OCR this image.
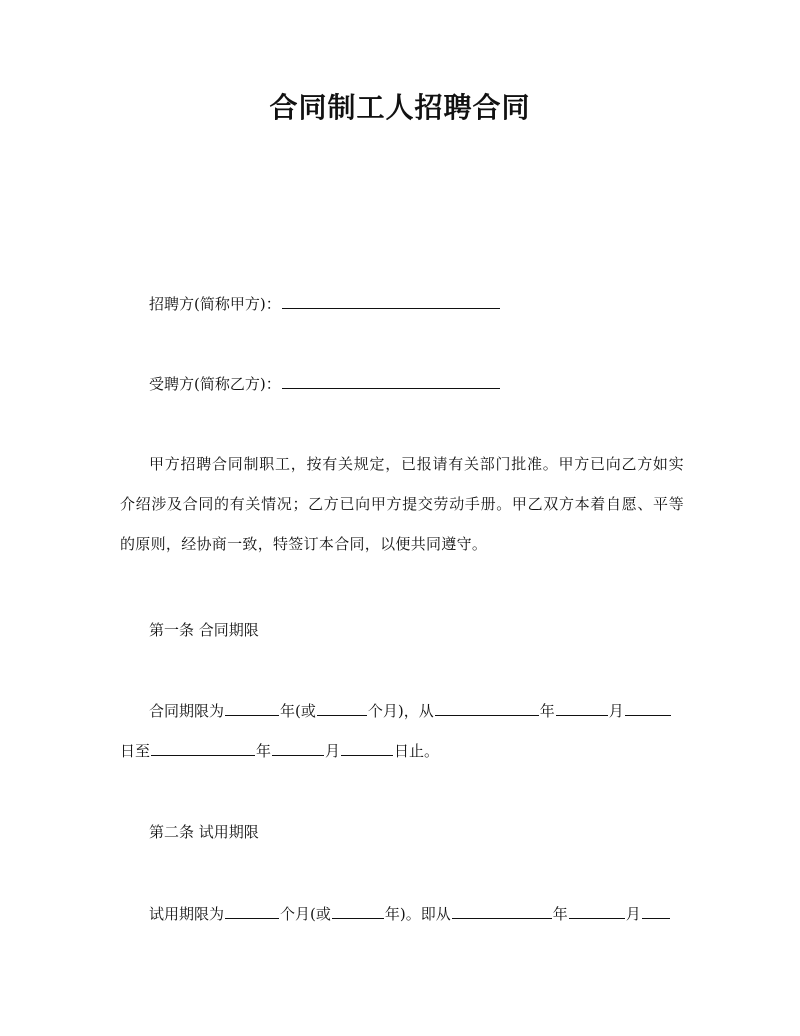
合同制工人招聘合同
招聘方(简称甲方)：
受聘方(简称乙方)：
甲方招聘合同制职工，按有关规定，已报请有关部门批准。甲方已向乙方如实介绍涉及合同的有关情况；乙方已向甲方提交劳动手册。甲乙双方本着自愿、平等的原则，经协商一致，特签订本合同，以便共同遵守。
第一条 合同期限
合同期限为	年(或	个月)，从	年	月
日至	年	月	日止。
第二条 试用期限
试用期限为	个月(或	年)。即从	年	月
